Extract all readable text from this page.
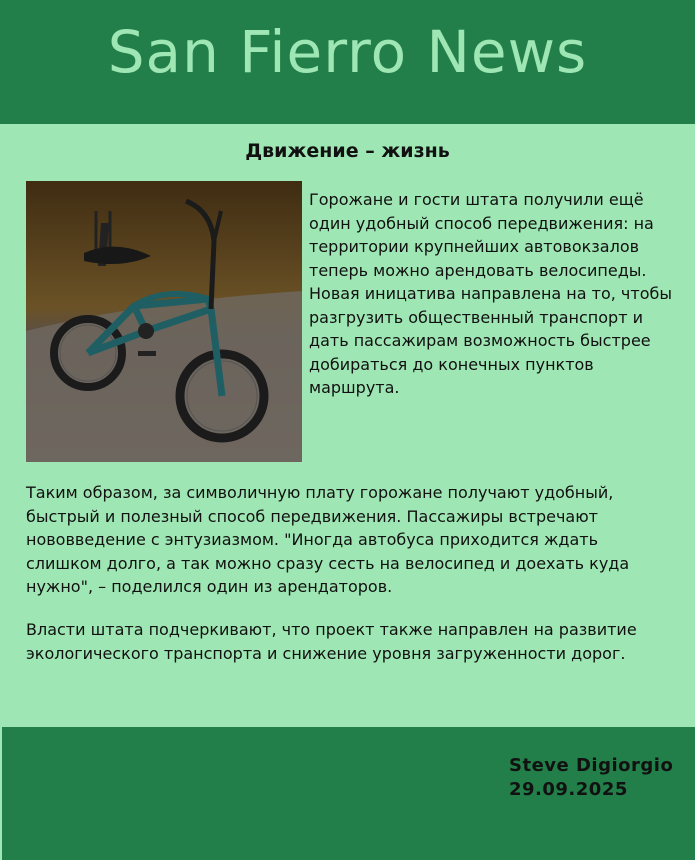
San Fierro News
Движение – жизнь
Горожане и гости штата получили ещё один удобный способ передвижения: на территории крупнейших автовокзалов теперь можно арендовать велосипеды. Новая иницатива направлена на то, чтобы разгрузить общественный транспорт и дать пассажирам возможность быстрее добираться до конечных пунктов маршрута.
Таким образом, за символичную плату горожане получают удобный, быстрый и полезный способ передвижения. Пассажиры встречают нововведение с энтузиазмом. "Иногда автобуса приходится ждать слишком долго, а так можно сразу сесть на велосипед и доехать куда нужно", – поделился один из арендаторов.
Власти штата подчеркивают, что проект также направлен на развитие экологического транспорта и снижение уровня загруженности дорог.
Steve Digiorgio
29.09.2025
